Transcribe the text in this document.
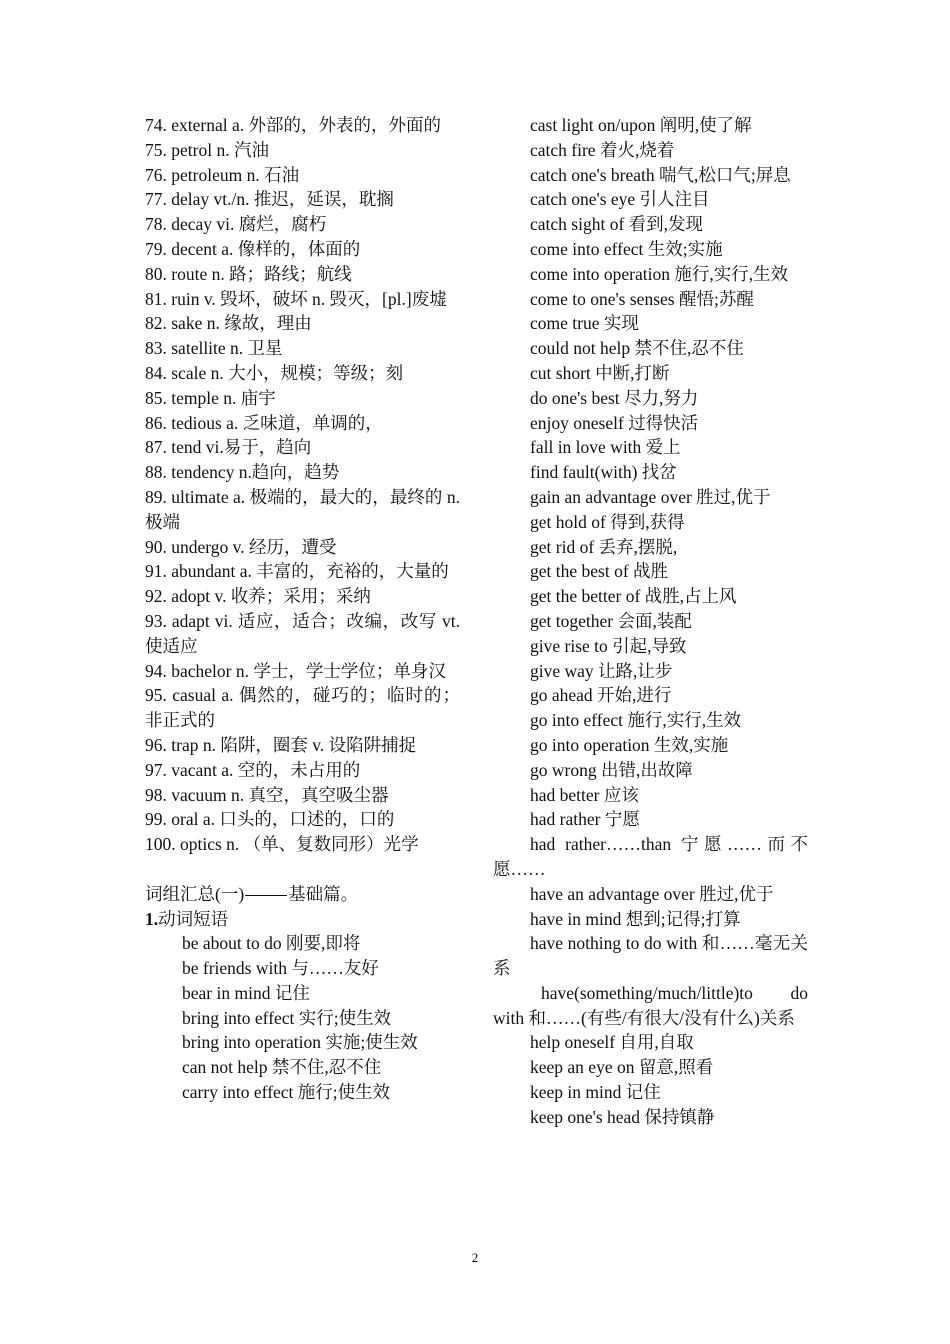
74. external a. 外部的，外表的，外面的
75. petrol n. 汽油
76. petroleum n. 石油
77. delay vt./n. 推迟，延误，耽搁
78. decay vi. 腐烂，腐朽
79. decent a. 像样的，体面的
80. route n. 路；路线；航线
81. ruin v. 毁坏，破坏 n. 毁灭，[pl.]废墟
82. sake n. 缘故，理由
83. satellite n. 卫星
84. scale n. 大小，规模；等级；刻
85. temple n. 庙宇
86. tedious a. 乏味道，单调的，
87. tend vi.易于，趋向
88. tendency n.趋向，趋势
89. ultimate a. 极端的，最大的，最终的 n. 极端
90. undergo v. 经历，遭受
91. abundant a. 丰富的，充裕的，大量的
92. adopt v. 收养；采用；采纳
93. adapt vi. 适应，适合；改编，改写 vt. 使适应
94. bachelor n. 学士，学士学位；单身汉
95. casual a. 偶然的，碰巧的；临时的；非正式的
96. trap n. 陷阱，圈套 v. 设陷阱捕捉
97. vacant a. 空的，未占用的
98. vacuum n. 真空，真空吸尘器
99. oral a. 口头的，口述的，口的
100. optics n. （单、复数同形）光学
词组汇总(一)	基础篇。
1.动词短语
be about to do 刚要,即将
be friends with 与……友好
bear in mind 记住
bring into effect 实行;使生效
bring into operation 实施;使生效
can not help 禁不住,忍不住
carry into effect 施行;使生效
cast light on/upon 阐明,使了解
catch fire 着火,烧着
catch one's breath 喘气,松口气;屏息
catch one's eye 引人注目
catch sight of 看到,发现
come into effect 生效;实施
come into operation 施行,实行,生效
come to one's senses 醒悟;苏醒
come true 实现
could not help 禁不住,忍不住
cut short 中断,打断
do one's best 尽力,努力
enjoy oneself 过得快活
fall in love with 爱上
find fault(with) 找岔
gain an advantage over 胜过,优于
get hold of 得到,获得
get rid of 丢弃,摆脱,
get the best of 战胜
get the better of 战胜,占上风
get together 会面,装配
give rise to 引起,导致
give way 让路,让步
go ahead 开始,进行
go into effect 施行,实行,生效
go into operation 生效,实施
go wrong 出错,出故障
had better 应该
had rather 宁愿
had rather……than 宁愿……而不愿……
have an advantage over 胜过,优于
have in mind 想到;记得;打算
have nothing to do with 和……毫无关系
have(something/much/little)to do with 和……(有些/有很大/没有什么)关系
help oneself 自用,自取
keep an eye on 留意,照看
keep in mind 记住
keep one's head 保持镇静
2
